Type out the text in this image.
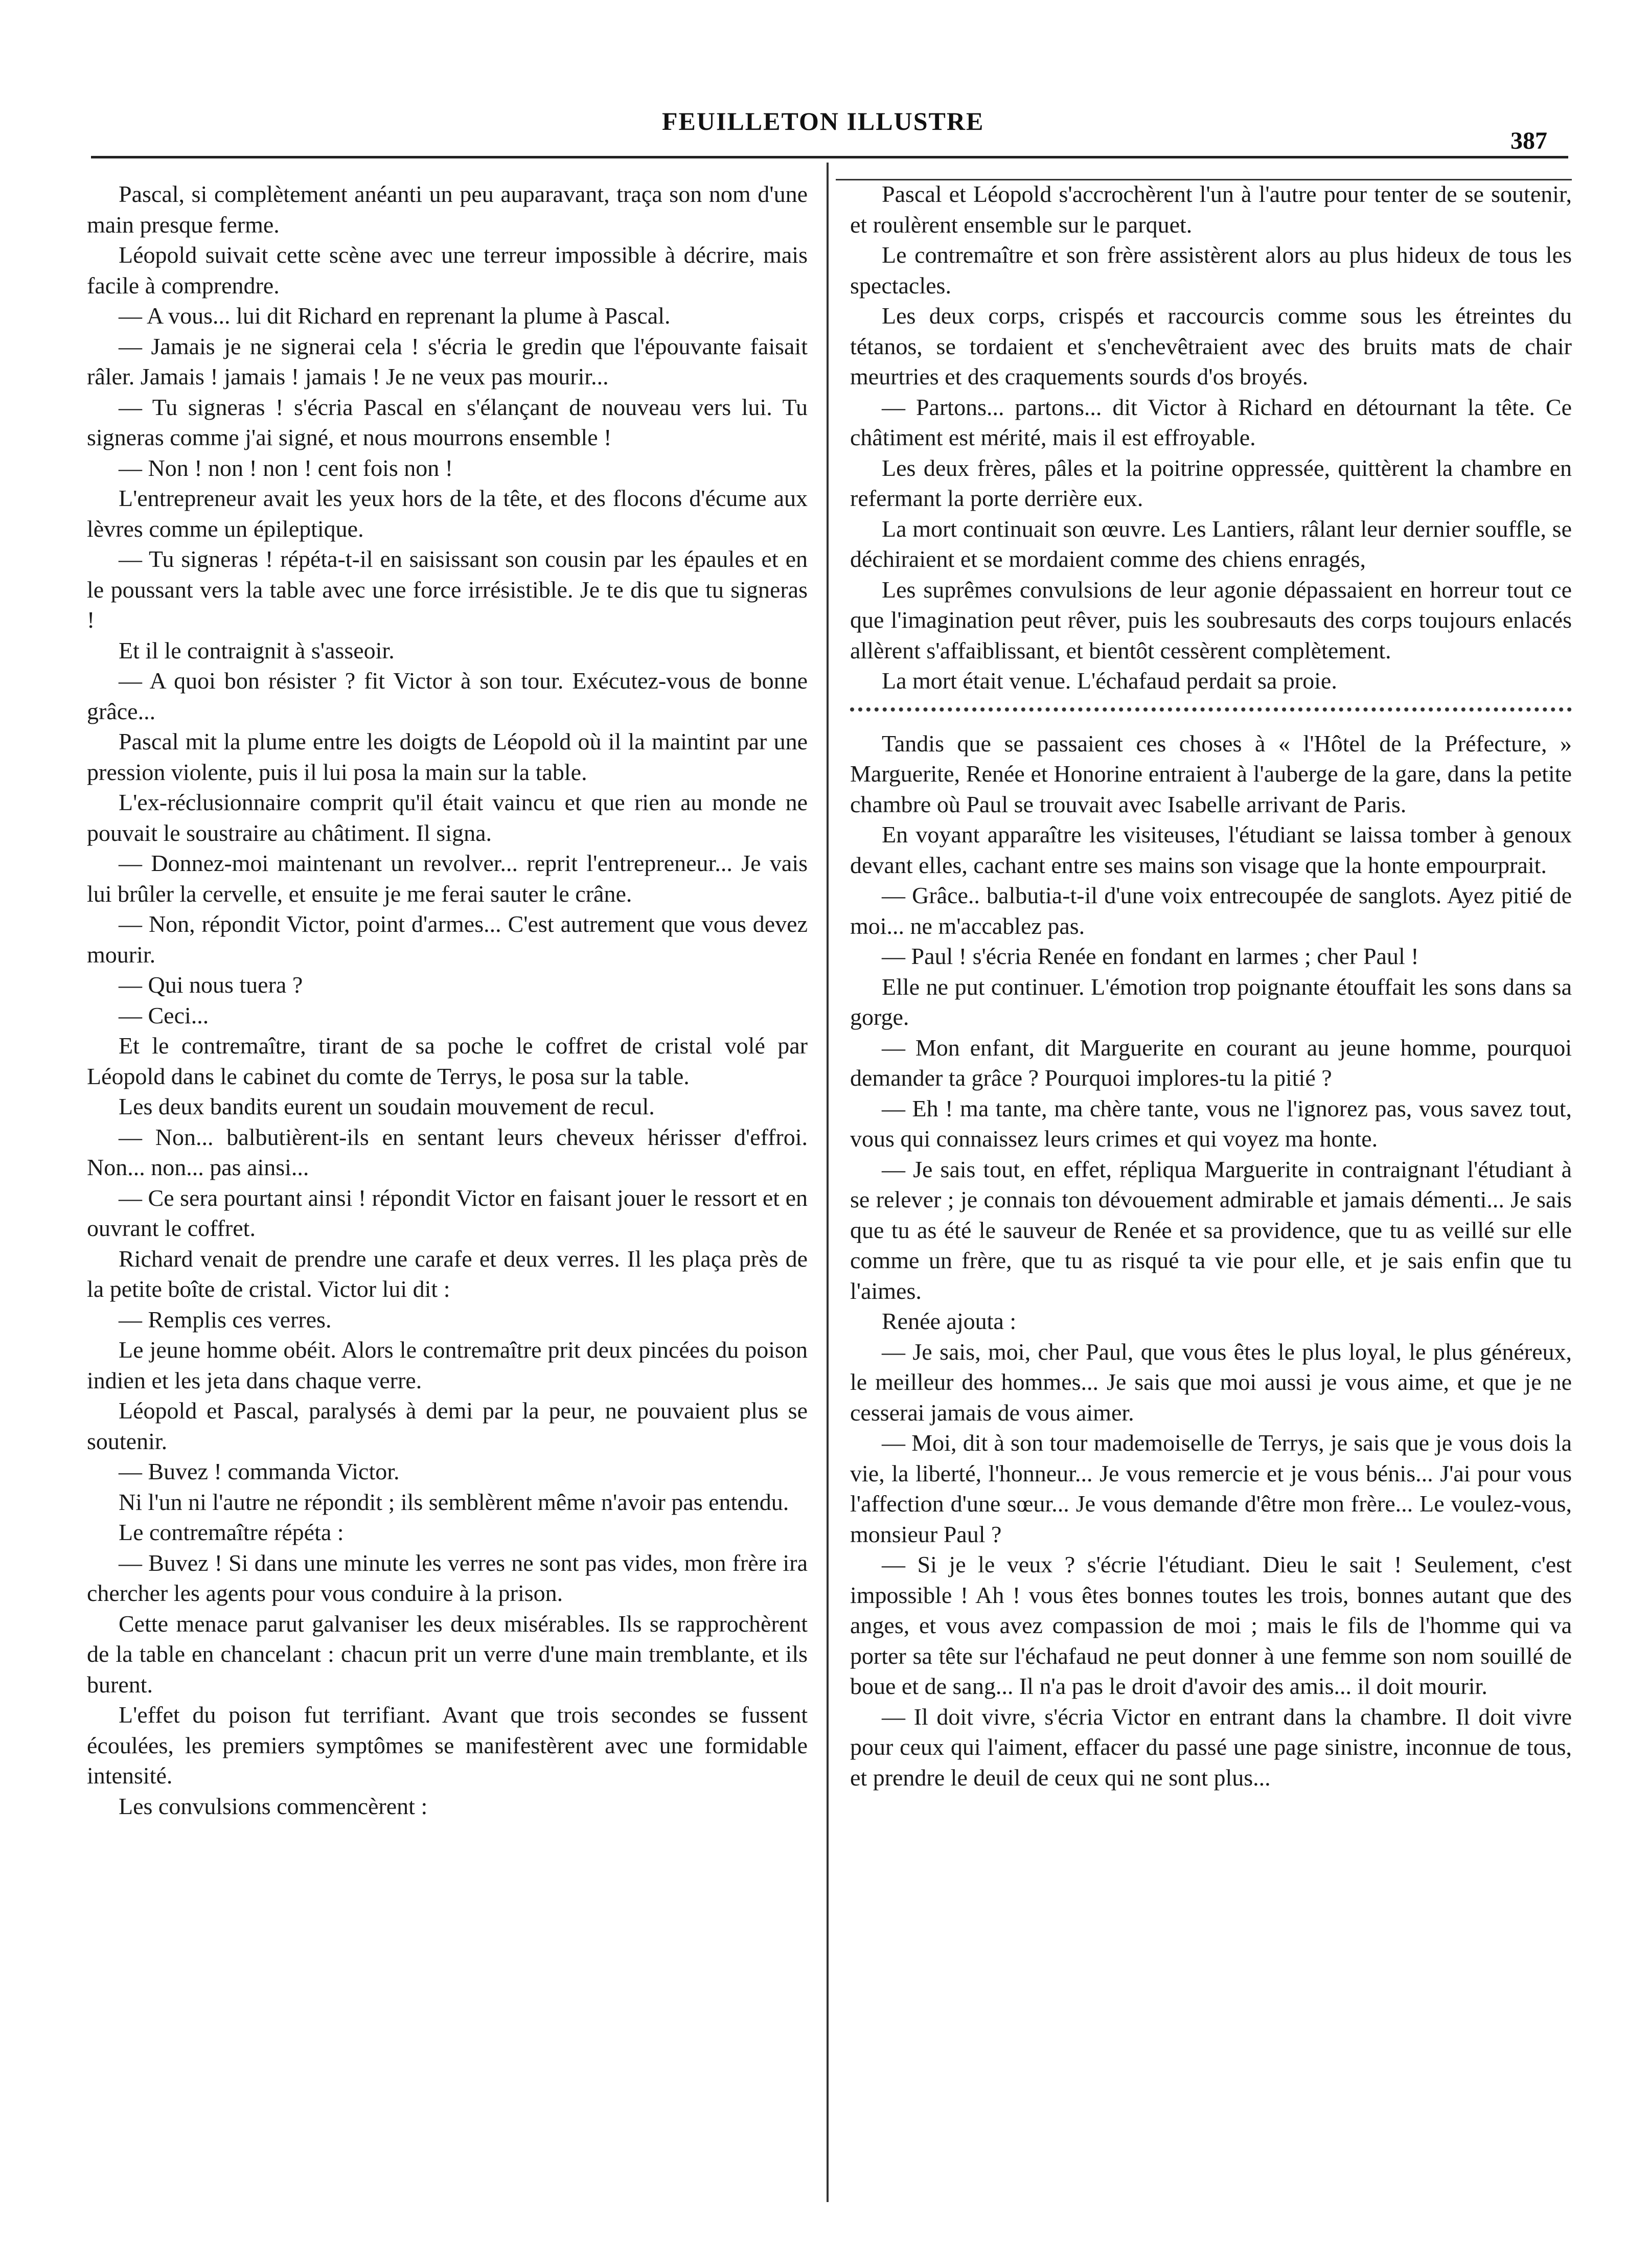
FEUILLETON ILLUSTRE
387

Pascal, si complètement anéanti un peu auparavant, traça son nom d'une main presque ferme.

Léopold suivait cette scène avec une terreur impossible à décrire, mais facile à comprendre.

— A vous... lui dit Richard en reprenant la plume à Pascal.

— Jamais je ne signerai cela ! s'écria le gredin que l'épouvante faisait râler. Jamais ! jamais ! jamais ! Je ne veux pas mourir...

— Tu signeras ! s'écria Pascal en s'élançant de nouveau vers lui. Tu signeras comme j'ai signé, et nous mourrons ensemble !

— Non ! non ! non ! cent fois non !

L'entrepreneur avait les yeux hors de la tête, et des flocons d'écume aux lèvres comme un épileptique.

— Tu signeras ! répéta-t-il en saisissant son cousin par les épaules et en le poussant vers la table avec une force irrésistible. Je te dis que tu signeras !

Et il le contraignit à s'asseoir.

— A quoi bon résister ? fit Victor à son tour. Exécutez-vous de bonne grâce...

Pascal mit la plume entre les doigts de Léopold où il la maintint par une pression violente, puis il lui posa la main sur la table.

L'ex-réclusionnaire comprit qu'il était vaincu et que rien au monde ne pouvait le soustraire au châtiment. Il signa.

— Donnez-moi maintenant un revolver... reprit l'entrepreneur... Je vais lui brûler la cervelle, et ensuite je me ferai sauter le crâne.

— Non, répondit Victor, point d'armes... C'est autrement que vous devez mourir.

— Qui nous tuera ?

— Ceci...

Et le contremaître, tirant de sa poche le coffret de cristal volé par Léopold dans le cabinet du comte de Terrys, le posa sur la table.

Les deux bandits eurent un soudain mouvement de recul.

— Non... balbutièrent-ils en sentant leurs cheveux hérisser d'effroi. Non... non... pas ainsi...

— Ce sera pourtant ainsi ! répondit Victor en faisant jouer le ressort et en ouvrant le coffret.

Richard venait de prendre une carafe et deux verres. Il les plaça près de la petite boîte de cristal. Victor lui dit :

— Remplis ces verres.

Le jeune homme obéit. Alors le contremaître prit deux pincées du poison indien et les jeta dans chaque verre.

Léopold et Pascal, paralysés à demi par la peur, ne pouvaient plus se soutenir.

— Buvez ! commanda Victor.

Ni l'un ni l'autre ne répondit ; ils semblèrent même n'avoir pas entendu.

Le contremaître répéta :

— Buvez ! Si dans une minute les verres ne sont pas vides, mon frère ira chercher les agents pour vous conduire à la prison.

Cette menace parut galvaniser les deux misérables. Ils se rapprochèrent de la table en chancelant : chacun prit un verre d'une main tremblante, et ils burent.

L'effet du poison fut terrifiant. Avant que trois secondes se fussent écoulées, les premiers symptômes se manifestèrent avec une formidable intensité.

Les convulsions commencèrent :

Pascal et Léopold s'accrochèrent l'un à l'autre pour tenter de se soutenir, et roulèrent ensemble sur le parquet.

Le contremaître et son frère assistèrent alors au plus hideux de tous les spectacles.

Les deux corps, crispés et raccourcis comme sous les étreintes du tétanos, se tordaient et s'enchevêtraient avec des bruits mats de chair meurtries et des craquements sourds d'os broyés.

— Partons... partons... dit Victor à Richard en détournant la tête. Ce châtiment est mérité, mais il est effroyable.

Les deux frères, pâles et la poitrine oppressée, quittèrent la chambre en refermant la porte derrière eux.

La mort continuait son œuvre. Les Lantiers, râlant leur dernier souffle, se déchiraient et se mordaient comme des chiens enragés,

Les suprêmes convulsions de leur agonie dépassaient en horreur tout ce que l'imagination peut rêver, puis les soubresauts des corps toujours enlacés allèrent s'affaiblissant, et bientôt cessèrent complètement.

La mort était venue. L'échafaud perdait sa proie.

Tandis que se passaient ces choses à « l'Hôtel de la Préfecture, » Marguerite, Renée et Honorine entraient à l'auberge de la gare, dans la petite chambre où Paul se trouvait avec Isabelle arrivant de Paris.

En voyant apparaître les visiteuses, l'étudiant se laissa tomber à genoux devant elles, cachant entre ses mains son visage que la honte empourprait.

— Grâce.. balbutia-t-il d'une voix entrecoupée de sanglots. Ayez pitié de moi... ne m'accablez pas.

— Paul ! s'écria Renée en fondant en larmes ; cher Paul !

Elle ne put continuer. L'émotion trop poignante étouffait les sons dans sa gorge.

— Mon enfant, dit Marguerite en courant au jeune homme, pourquoi demander ta grâce ? Pourquoi implores-tu la pitié ?

— Eh ! ma tante, ma chère tante, vous ne l'ignorez pas, vous savez tout, vous qui connaissez leurs crimes et qui voyez ma honte.

— Je sais tout, en effet, répliqua Marguerite in contraignant l'étudiant à se relever ; je connais ton dévouement admirable et jamais démenti... Je sais que tu as été le sauveur de Renée et sa providence, que tu as veillé sur elle comme un frère, que tu as risqué ta vie pour elle, et je sais enfin que tu l'aimes.

Renée ajouta :

— Je sais, moi, cher Paul, que vous êtes le plus loyal, le plus généreux, le meilleur des hommes... Je sais que moi aussi je vous aime, et que je ne cesserai jamais de vous aimer.

— Moi, dit à son tour mademoiselle de Terrys, je sais que je vous dois la vie, la liberté, l'honneur... Je vous remercie et je vous bénis... J'ai pour vous l'affection d'une sœur... Je vous demande d'être mon frère... Le voulez-vous, monsieur Paul ?

— Si je le veux ? s'écrie l'étudiant. Dieu le sait ! Seulement, c'est impossible ! Ah ! vous êtes bonnes toutes les trois, bonnes autant que des anges, et vous avez compassion de moi ; mais le fils de l'homme qui va porter sa tête sur l'échafaud ne peut donner à une femme son nom souillé de boue et de sang... Il n'a pas le droit d'avoir des amis... il doit mourir.

— Il doit vivre, s'écria Victor en entrant dans la chambre. Il doit vivre pour ceux qui l'aiment, effacer du passé une page sinistre, inconnue de tous, et prendre le deuil de ceux qui ne sont plus...
